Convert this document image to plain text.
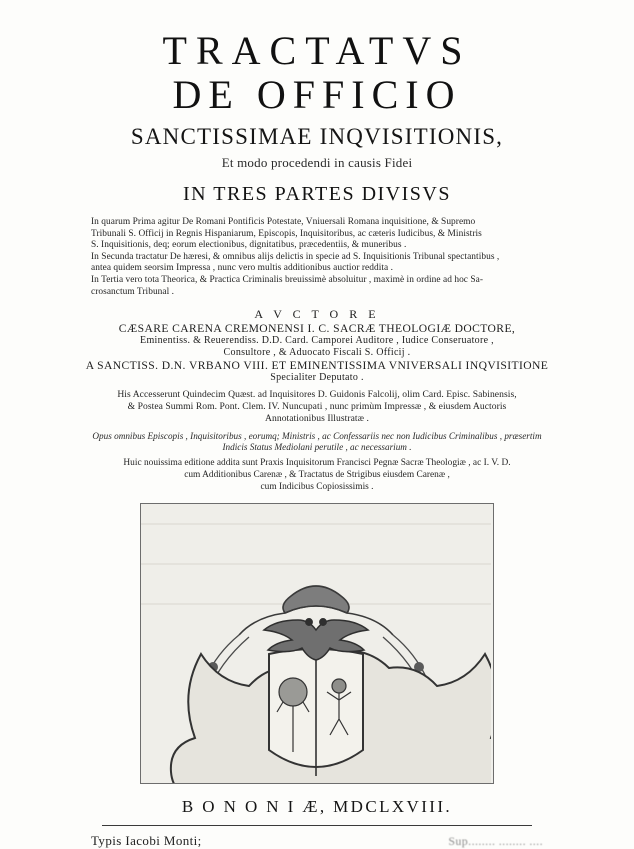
TRACTATVS
DE OFFICIO
SANCTISSIMAE INQVISITIONIS,
Et modo procedendi in causis Fidei
IN TRES PARTES DIVISVS
In quarum Prima agitur De Romani Pontificis Potestate, Vniuersali Romana inquisitione, & Supremo
Tribunali S. Officij in Regnis Hispaniarum, Episcopis, Inquisitoribus, ac cæteris Iudicibus, & Ministris
S. Inquisitionis, deq; eorum electionibus, dignitatibus, præcedentiis, & muneribus .
In Secunda tractatur De hæresi, & omnibus alijs delictis in specie ad S. Inquisitionis Tribunal spectantibus ,
antea quidem seorsim Impressa , nunc vero multis additionibus auctior reddita .
In Tertia vero tota Theorica, & Practica Criminalis breuissimè absoluitur , maximè in ordine ad hoc Sa-
crosanctum Tribunal .
A V C T O R E
CÆSARE CARENA CREMONENSI I. C. SACRÆ THEOLOGIÆ DOCTORE,
Eminentiss. & Reuerendiss. D.D. Card. Camporei Auditore , Iudice Conseruatore ,
Consultore , & Aduocato Fiscali S. Officij .
A SANCTISS. D.N. VRBANO VIII. ET EMINENTISSIMA VNIVERSALI INQVISITIONE
Specialiter Deputato .
His Accesserunt Quindecim Quæst. ad Inquisitores D. Guidonis Falcolij, olim Card. Episc. Sabinensis,
& Postea Summi Rom. Pont. Clem. IV. Nuncupati , nunc primùm Impressæ , & eiusdem Auctoris
Annotationibus Illustratæ .
Opus omnibus Episcopis , Inquisitoribus , eorumq; Ministris , ac Confessariis nec non Iudicibus Criminalibus , præsertim
Indicis Status Mediolani perutile , ac necessarium .
Huic nouissima editione addita sunt Praxis Inquisitorum Francisci Pegnæ Sacræ Theologiæ , ac I. V. D.
cum Additionibus Carenæ , & Tractatus de Strigibus eiusdem Carenæ ,
cum Indicibus Copiosissimis .
B O N O N I Æ, MDCLXVIII.
Typis Iacobi Monti;	Sup........ ........ ....
